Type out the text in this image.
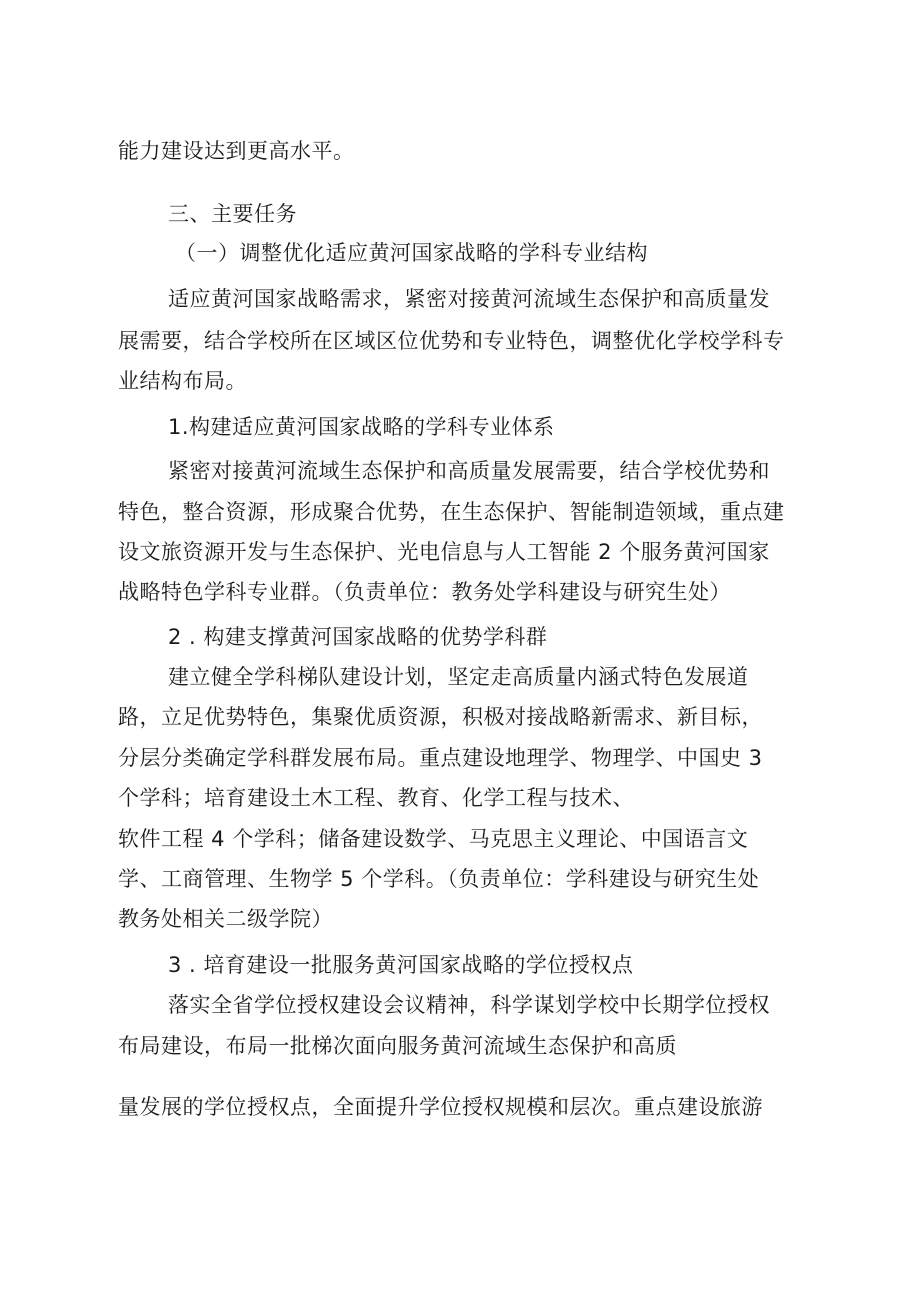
能力建设达到更高水平。
三、主要任务
（一）调整优化适应黄河国家战略的学科专业结构
适应黄河国家战略需求，紧密对接黄河流域生态保护和高质量发
展需要，结合学校所在区域区位优势和专业特色，调整优化学校学科专
业结构布局。
1.构建适应黄河国家战略的学科专业体系
紧密对接黄河流域生态保护和高质量发展需要，结合学校优势和
特色，整合资源，形成聚合优势，在生态保护、智能制造领域，重点建
设文旅资源开发与生态保护、光电信息与人工智能 2 个服务黄河国家
战略特色学科专业群。（负责单位：教务处学科建设与研究生处）
2 . 构建支撑黄河国家战略的优势学科群
建立健全学科梯队建设计划，坚定走高质量内涵式特色发展道
路，立足优势特色，集聚优质资源，积极对接战略新需求、新目标，
分层分类确定学科群发展布局。重点建设地理学、物理学、中国史 3
个学科；培育建设土木工程、教育、化学工程与技术、
软件工程 4 个学科；储备建设数学、马克思主义理论、中国语言文
学、工商管理、生物学 5 个学科。（负责单位：学科建设与研究生处
教务处相关二级学院）
3 . 培育建设一批服务黄河国家战略的学位授权点
落实全省学位授权建设会议精神，科学谋划学校中长期学位授权
布局建设，布局一批梯次面向服务黄河流域生态保护和高质
量发展的学位授权点，全面提升学位授权规模和层次。重点建设旅游
